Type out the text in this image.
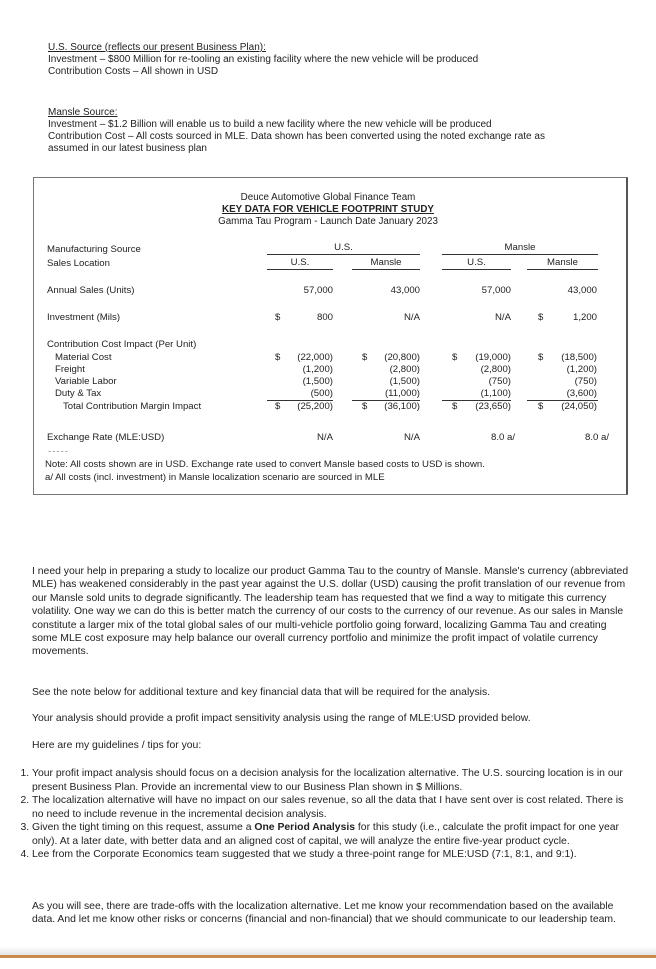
U.S. Source (reflects our present Business Plan):
Investment – $800 Million for re-tooling an existing facility where the new vehicle will be produced
Contribution Costs – All shown in USD
Mansle Source:
Investment – $1.2 Billion will enable us to build a new facility where the new vehicle will be produced
Contribution Cost – All costs sourced in MLE. Data shown has been converted using the noted exchange rate as
assumed in our latest business plan
Deuce Automotive Global Finance Team
KEY DATA FOR VEHICLE FOOTPRINT STUDY
Gamma Tau Program - Launch Date January 2023
Manufacturing Source
Sales Location
U.S.	Mansle
U.S.	Mansle	U.S.	Mansle
-----
Note: All costs shown are in USD. Exchange rate used to convert Mansle based costs to USD is shown.
a/ All costs (incl. investment) in Mansle localization scenario are sourced in MLE
Annual Sales (Units)	57,000	43,000	57,000	43,000
Investment (Mils)	$	800	N/A	N/A	$	1,200
Contribution Cost Impact (Per Unit)
Material Cost	$ (22,000)	$ (20,800)	$ (19,000)	$ (18,500)
Freight	(1,200)	(2,800)	(2,800)	(1,200)
Variable Labor	(1,500)	(1,500)	(750)	(750)
Duty & Tax	(500)	(11,000)	(1,100)	(3,600)
Total Contribution Margin Impact	$ (25,200)	$ (36,100)	$ (23,650)	$ (24,050)
Exchange Rate (MLE:USD)	N/A	N/A	8.0 a/	8.0 a/
I need your help in preparing a study to localize our product Gamma Tau to the country of Mansle. Mansle's currency (abbreviated MLE) has weakened considerably in the past year against the U.S. dollar (USD) causing the profit translation of our revenue from our Mansle sold units to degrade significantly. The leadership team has requested that we find a way to mitigate this currency volatility. One way we can do this is better match the currency of our costs to the currency of our revenue. As our sales in Mansle constitute a larger mix of the total global sales of our multi-vehicle portfolio going forward, localizing Gamma Tau and creating some MLE cost exposure may help balance our overall currency portfolio and minimize the profit impact of volatile currency movements.
See the note below for additional texture and key financial data that will be required for the analysis.
Your analysis should provide a profit impact sensitivity analysis using the range of MLE:USD provided below.
Here are my guidelines / tips for you:
1. Your profit impact analysis should focus on a decision analysis for the localization alternative. The U.S. sourcing location is in our present Business Plan. Provide an incremental view to our Business Plan shown in $ Millions.
2. The localization alternative will have no impact on our sales revenue, so all the data that I have sent over is cost related. There is no need to include revenue in the incremental decision analysis.
3. Given the tight timing on this request, assume a One Period Analysis for this study (i.e., calculate the profit impact for one year only). At a later date, with better data and an aligned cost of capital, we will analyze the entire five-year product cycle.
4. Lee from the Corporate Economics team suggested that we study a three-point range for MLE:USD (7:1, 8:1, and 9:1).
As you will see, there are trade-offs with the localization alternative. Let me know your recommendation based on the available data. And let me know other risks or concerns (financial and non-financial) that we should communicate to our leadership team.
